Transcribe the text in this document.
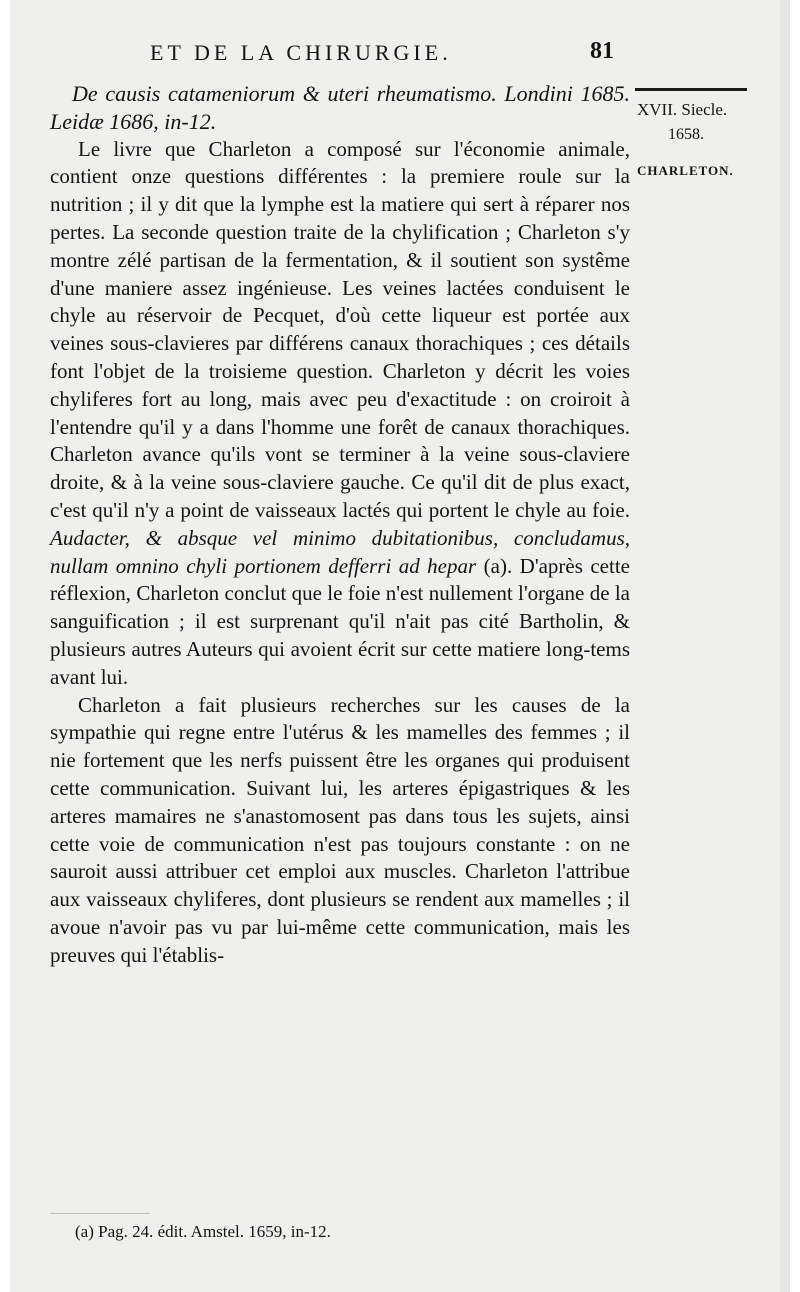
ET DE LA CHIRURGIE.	81
XVII. Siecle.
1658.
CHARLETON.

De causis catameniorum & uteri rheumatismo. Londini 1685. Leidæ 1686, in-12.

Le livre que Charleton a composé sur l'économie animale, contient onze questions différentes : la premiere roule sur la nutrition ; il y dit que la lymphe est la matiere qui sert à réparer nos pertes. La seconde question traite de la chylification ; Charleton s'y montre zélé partisan de la fermentation, & il soutient son systême d'une maniere assez ingénieuse. Les veines lactées conduisent le chyle au réservoir de Pecquet, d'où cette liqueur est portée aux veines sous-clavieres par différens canaux thorachiques ; ces détails font l'objet de la troisieme question. Charleton y décrit les voies chyliferes fort au long, mais avec peu d'exactitude : on croiroit à l'entendre qu'il y a dans l'homme une forêt de canaux thorachiques. Charleton avance qu'ils vont se terminer à la veine sous-claviere droite, & à la veine sous-claviere gauche. Ce qu'il dit de plus exact, c'est qu'il n'y a point de vaisseaux lactés qui portent le chyle au foie. Audacter, & absque vel minimo dubitationibus, concludamus, nullam omnino chyli portionem defferri ad hepar (a). D'après cette réflexion, Charleton conclut que le foie n'est nullement l'organe de la sanguification ; il est surprenant qu'il n'ait pas cité Bartholin, & plusieurs autres Auteurs qui avoient écrit sur cette matiere long-tems avant lui.

Charleton a fait plusieurs recherches sur les causes de la sympathie qui regne entre l'utérus & les mamelles des femmes ; il nie fortement que les nerfs puissent être les organes qui produisent cette communication. Suivant lui, les arteres épigastriques & les arteres mamaires ne s'anastomosent pas dans tous les sujets, ainsi cette voie de communication n'est pas toujours constante : on ne sauroit aussi attribuer cet emploi aux muscles. Charleton l'attribue aux vaisseaux chyliferes, dont plusieurs se rendent aux mamelles ; il avoue n'avoir pas vu par lui-même cette communication, mais les preuves qui l'établis-

(a) Pag. 24. édit. Amstel. 1659, in-12.
